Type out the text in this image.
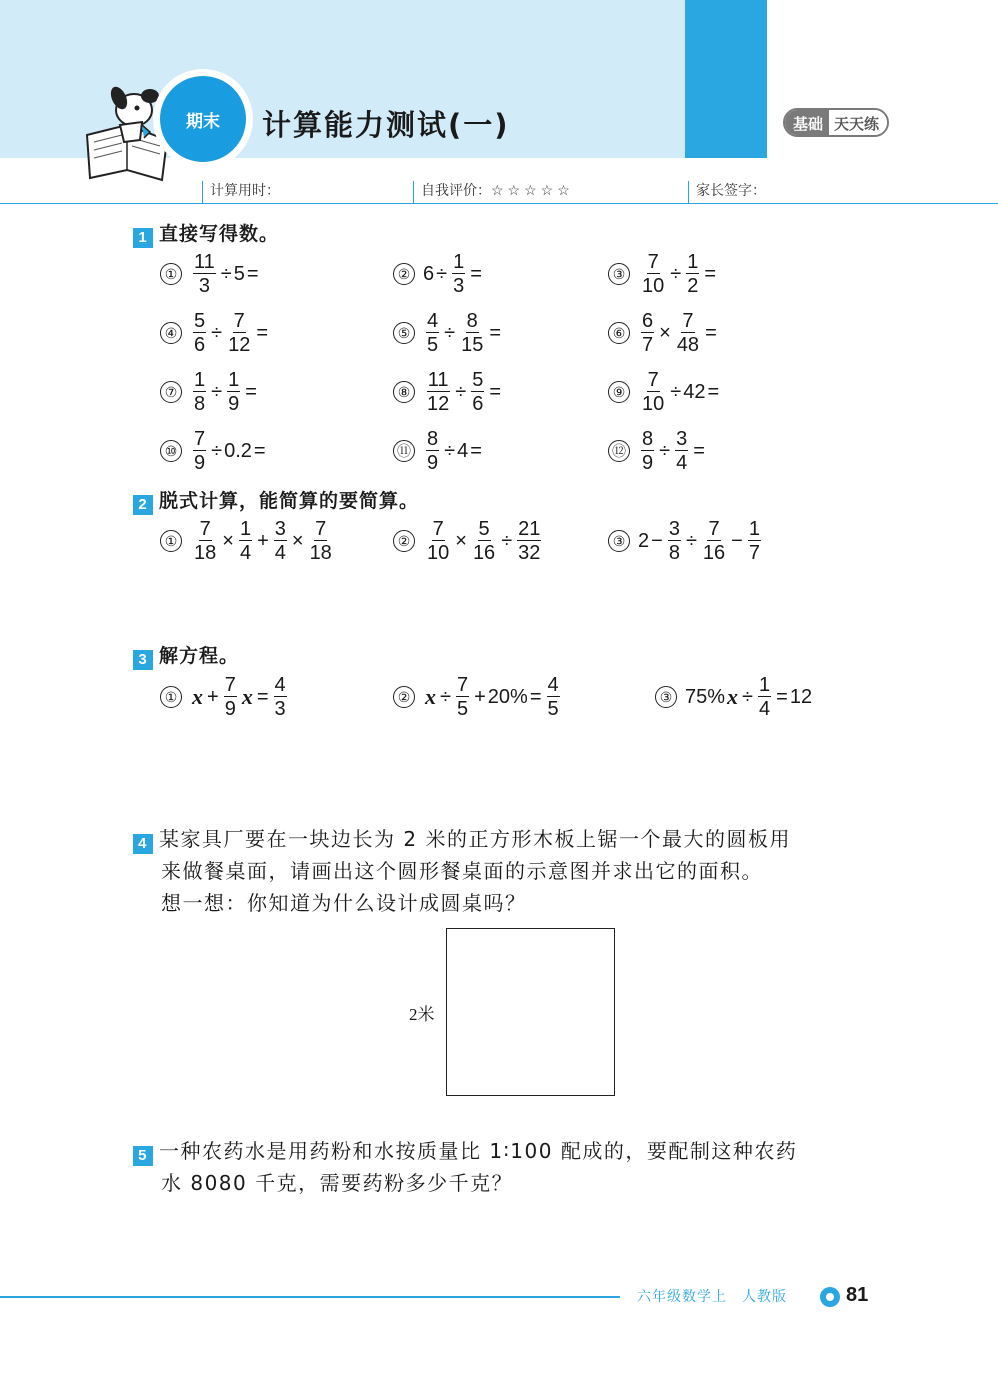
期末	计算能力测试(一)	基础 天天练
计算用时：	自我评价：☆☆☆☆☆	家长签字：
1 直接写得数。
① $\frac{11}{3} \div 5$ =	② $6 \div \frac{1}{3}$ =	③ $\frac{7}{10} \div \frac{1}{2}$ =
④ $\frac{5}{6} \div \frac{7}{12}$ =	⑤ $\frac{4}{5} \div \frac{8}{15}$ =	⑥ $\frac{6}{7} \times \frac{7}{48}$ =
⑦ $\frac{1}{8} \div \frac{1}{9}$ =	⑧ $\frac{11}{12} \div \frac{5}{6}$ =	⑨ $\frac{7}{10} \div 42$ =
⑩ $\frac{7}{9} \div 0.2$ =	⑪ $\frac{8}{9} \div 4$ =	⑫ $\frac{8}{9} \div \frac{3}{4}$ =
2 脱式计算，能简算的要简算。
① $\frac{7}{18} \times \frac{1}{4} + \frac{3}{4} \times \frac{7}{18}$	② $\frac{7}{10} \times \frac{5}{16} \div \frac{21}{32}$	③ $2 - \frac{3}{8} \div \frac{7}{16} - \frac{1}{7}$
3 解方程。
① $x + \frac{7}{9}$ $x = \frac{4}{3}$	② $x \div \frac{7}{5} + 20\% = \frac{4}{5}$	③ 75% $x \div \frac{1}{4} = 12$
4 某家具厂要在一块边长为 2 米的正方形木板上锯一个最大的圆板用
来做餐桌面，请画出这个圆形餐桌面的示意图并求出它的面积。
想一想：你知道为什么设计成圆桌吗？
2米
5 一种农药水是用药粉和水按质量比 1∶100 配成的，要配制这种农药
水 8080 千克，需要药粉多少千克？
六年级数学上　人教版	81
